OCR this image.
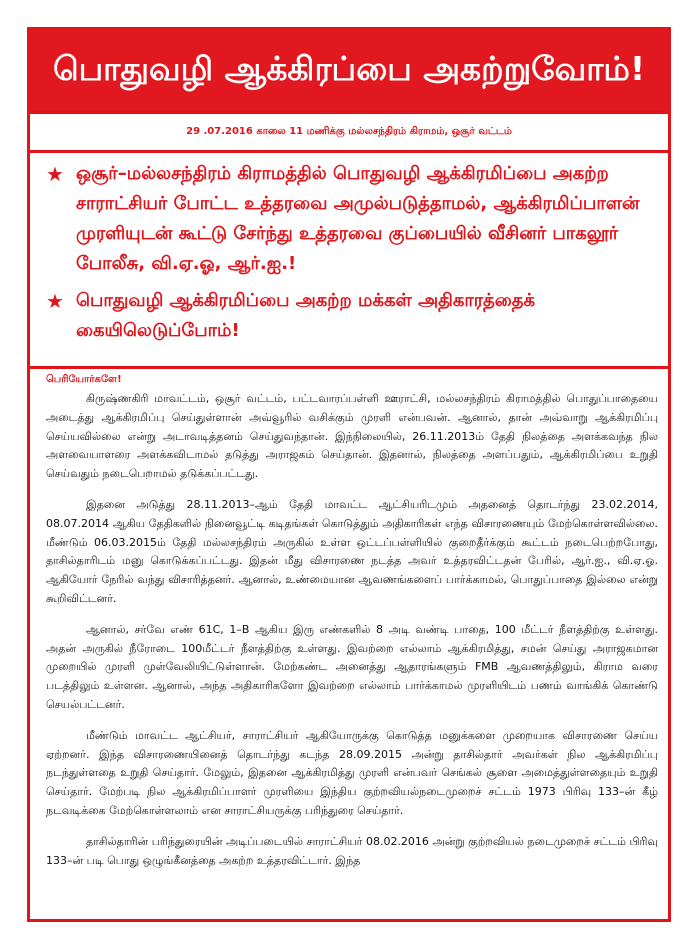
பொதுவழி ஆக்கிரப்பை அகற்றுவோம்!
29 .07.2016 காலை 11 மணிக்கு மல்லசந்திரம் கிராமம், ஒசூர் வட்டம்
★ ஒசூர்–மல்லசந்திரம் கிராமத்தில் பொதுவழி ஆக்கிரமிப்பை அகற்ற சாராட்சியர் போட்ட உத்தரவை அமுல்படுத்தாமல், ஆக்கிரமிப்பாளன் முரளியுடன் கூட்டு சேர்ந்து உத்தரவை குப்பையில் வீசினர் பாகலூர் போலீசு, வி.ஏ.ஓ, ஆர்.ஐ.!
★ பொதுவழி ஆக்கிரமிப்பை அகற்ற மக்கள் அதிகாரத்தைக் கையிலெடுப்போம்!
பெரியோர்களே!

கிருஷ்ணகிரி மாவட்டம், ஒசூர் வட்டம், பட்டவாரப்பள்ளி ஊராட்சி, மல்லசந்திரம் கிராமத்தில் பொதுப்பாதையை அடைத்து ஆக்கிரமிப்பு செய்துள்ளான் அவ்வூரில் வசிக்கும் முரளி என்பவன். ஆனால், தான் அவ்வாறு ஆக்கிரமிப்பு செய்யவில்லை என்று அடாவடித்தனம் செய்துவந்தான். இந்நிலையில், 26.11.2013ம் தேதி நிலத்தை அளக்கவந்த நில அளவையாளரை அளக்கவிடாமல் தடுத்து அராஜகம் செய்தான். இதனால், நிலத்தை அளப்பதும், ஆக்கிரமிப்பை உறுதி செய்வதும் நடைபெறாமல் தடுக்கப்பட்டது.

இதனை அடுத்து 28.11.2013–ஆம் தேதி மாவட்ட ஆட்சியரிடமும் அதனைத் தொடர்ந்து 23.02.2014, 08.07.2014 ஆகிய தேதிகளில் நினைவூட்டி கடிதங்கள் கொடுத்தும் அதிகாரிகள் எந்த விசாரணையும் மேற்கொள்ளவில்லை. மீண்டும் 06.03.2015ம் தேதி மல்லசந்திரம் அருகில் உள்ள ஒட்டப்பள்ளியில் குறைதீர்க்கும் கூட்டம் நடைபெற்றபோது, தாசில்தாரிடம் மனு கொடுக்கப்பட்டது. இதன் மீது விசாரணை நடத்த அவர் உத்தரவிட்டதன் பேரில், ஆர்.ஐ., வி.ஏ.ஓ. ஆகியோர் நேரில் வந்து விசாரித்தனர். ஆனால், உண்மையான ஆவணங்களைப் பார்க்காமல், பொதுப்பாதை இல்லை என்று கூறிவிட்டனர்.

ஆனால், சர்வே எண் 61C, 1–B ஆகிய இரு எண்களில் 8 அடி வண்டி பாதை, 100 மீட்டர் நீளத்திற்கு உள்ளது. அதன் அருகில் நீரோடை 100மீட்டர் நீளத்திற்கு உள்ளது. இவற்றை எல்லாம் ஆக்கிரமித்து, சமன் செய்து அராஜகமான முறையில் முரளி முள்வேலியிட்டுள்ளான். மேற்கண்ட அனைத்து ஆதாரங்களும் FMB ஆவணத்திலும், கிராம வரை படத்திலும் உள்ளன. ஆனால், அந்த அதிகாரிகளோ இவற்றை எல்லாம் பார்க்காமல் முரளியிடம் பணம் வாங்கிக் கொண்டு செயல்பட்டனர்.

மீண்டும் மாவட்ட ஆட்சியர், சாராட்சியர் ஆகியோருக்கு கொடுத்த மனுக்களை முறையாக விசாரணை செய்ய ஏற்றனர். இந்த விசாரணையினைத் தொடர்ந்து கடந்த 28.09.2015 அன்று தாசில்தார் அவர்கள் நில ஆக்கிரமிப்பு நடந்துள்ளதை உறுதி செய்தார். மேலும், இதனை ஆக்கிரமித்து முரளி என்பவர் செங்கல் சூளை அமைத்துள்ளதையும் உறுதி செய்தார். மேற்படி நில ஆக்கிரமிப்பாளர் முரளியை இந்திய குற்றவியல்நடைமுறைச் சட்டம் 1973 பிரிவு 133–ன் கீழ் நடவடிக்கை மேற்கொள்ளலாம் என சாராட்சியருக்கு பரிந்துரை செய்தார்.

தாசில்தாரின் பரிந்துரையின் அடிப்படையில் சாராட்சியர் 08.02.2016 அன்று குற்றவியல் நடைமுறைச் சட்டம் பிரிவு 133–ன் படி பொது ஒழுங்கீனத்தை அகற்ற உத்தரவிட்டார். இந்த
